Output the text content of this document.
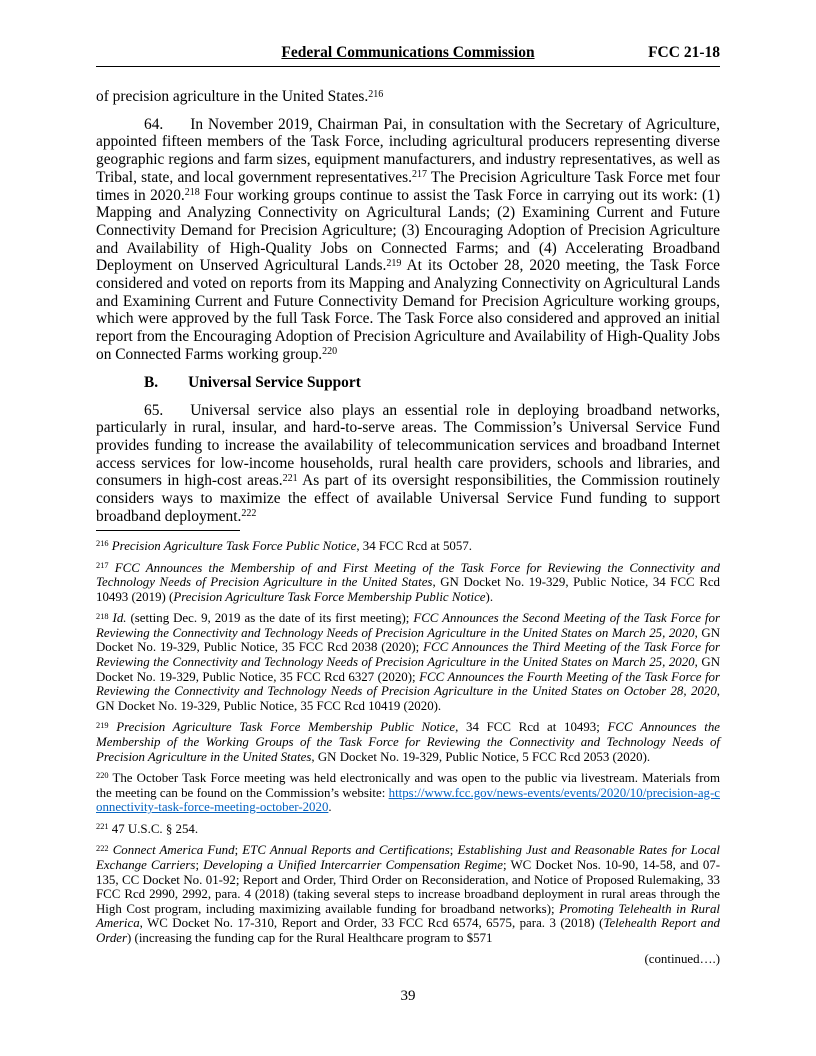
Federal Communications Commission	FCC 21-18

of precision agriculture in the United States.$^{216}$

64. In November 2019, Chairman Pai, in consultation with the Secretary of Agriculture, appointed fifteen members of the Task Force, including agricultural producers representing diverse geographic regions and farm sizes, equipment manufacturers, and industry representatives, as well as Tribal, state, and local government representatives.$^{217}$ The Precision Agriculture Task Force met four times in 2020.$^{218}$ Four working groups continue to assist the Task Force in carrying out its work: (1) Mapping and Analyzing Connectivity on Agricultural Lands; (2) Examining Current and Future Connectivity Demand for Precision Agriculture; (3) Encouraging Adoption of Precision Agriculture and Availability of High-Quality Jobs on Connected Farms; and (4) Accelerating Broadband Deployment on Unserved Agricultural Lands.$^{219}$ At its October 28, 2020 meeting, the Task Force considered and voted on reports from its Mapping and Analyzing Connectivity on Agricultural Lands and Examining Current and Future Connectivity Demand for Precision Agriculture working groups, which were approved by the full Task Force. The Task Force also considered and approved an initial report from the Encouraging Adoption of Precision Agriculture and Availability of High-Quality Jobs on Connected Farms working group.$^{220}$

B. Universal Service Support

65. Universal service also plays an essential role in deploying broadband networks, particularly in rural, insular, and hard-to-serve areas. The Commission’s Universal Service Fund provides funding to increase the availability of telecommunication services and broadband Internet access services for low-income households, rural health care providers, schools and libraries, and consumers in high-cost areas.$^{221}$ As part of its oversight responsibilities, the Commission routinely considers ways to maximize the effect of available Universal Service Fund funding to support broadband deployment.$^{222}$

$^{216}$ Precision Agriculture Task Force Public Notice, 34 FCC Rcd at 5057.
$^{217}$ FCC Announces the Membership of and First Meeting of the Task Force for Reviewing the Connectivity and Technology Needs of Precision Agriculture in the United States, GN Docket No. 19-329, Public Notice, 34 FCC Rcd 10493 (2019) (Precision Agriculture Task Force Membership Public Notice).
$^{218}$ Id. (setting Dec. 9, 2019 as the date of its first meeting); FCC Announces the Second Meeting of the Task Force for Reviewing the Connectivity and Technology Needs of Precision Agriculture in the United States on March 25, 2020, GN Docket No. 19-329, Public Notice, 35 FCC Rcd 2038 (2020); FCC Announces the Third Meeting of the Task Force for Reviewing the Connectivity and Technology Needs of Precision Agriculture in the United States on March 25, 2020, GN Docket No. 19-329, Public Notice, 35 FCC Rcd 6327 (2020); FCC Announces the Fourth Meeting of the Task Force for Reviewing the Connectivity and Technology Needs of Precision Agriculture in the United States on October 28, 2020, GN Docket No. 19-329, Public Notice, 35 FCC Rcd 10419 (2020).
$^{219}$ Precision Agriculture Task Force Membership Public Notice, 34 FCC Rcd at 10493; FCC Announces the Membership of the Working Groups of the Task Force for Reviewing the Connectivity and Technology Needs of Precision Agriculture in the United States, GN Docket No. 19-329, Public Notice, 5 FCC Rcd 2053 (2020).
$^{220}$ The October Task Force meeting was held electronically and was open to the public via livestream. Materials from the meeting can be found on the Commission’s website: https://www.fcc.gov/news-events/events/2020/10/precision-ag-connectivity-task-force-meeting-october-2020.
$^{221}$ 47 U.S.C. § 254.
$^{222}$ Connect America Fund; ETC Annual Reports and Certifications; Establishing Just and Reasonable Rates for Local Exchange Carriers; Developing a Unified Intercarrier Compensation Regime; WC Docket Nos. 10-90, 14-58, and 07-135, CC Docket No. 01-92; Report and Order, Third Order on Reconsideration, and Notice of Proposed Rulemaking, 33 FCC Rcd 2990, 2992, para. 4 (2018) (taking several steps to increase broadband deployment in rural areas through the High Cost program, including maximizing available funding for broadband networks); Promoting Telehealth in Rural America, WC Docket No. 17-310, Report and Order, 33 FCC Rcd 6574, 6575, para. 3 (2018) (Telehealth Report and Order) (increasing the funding cap for the Rural Healthcare program to $571
(continued….)
39
